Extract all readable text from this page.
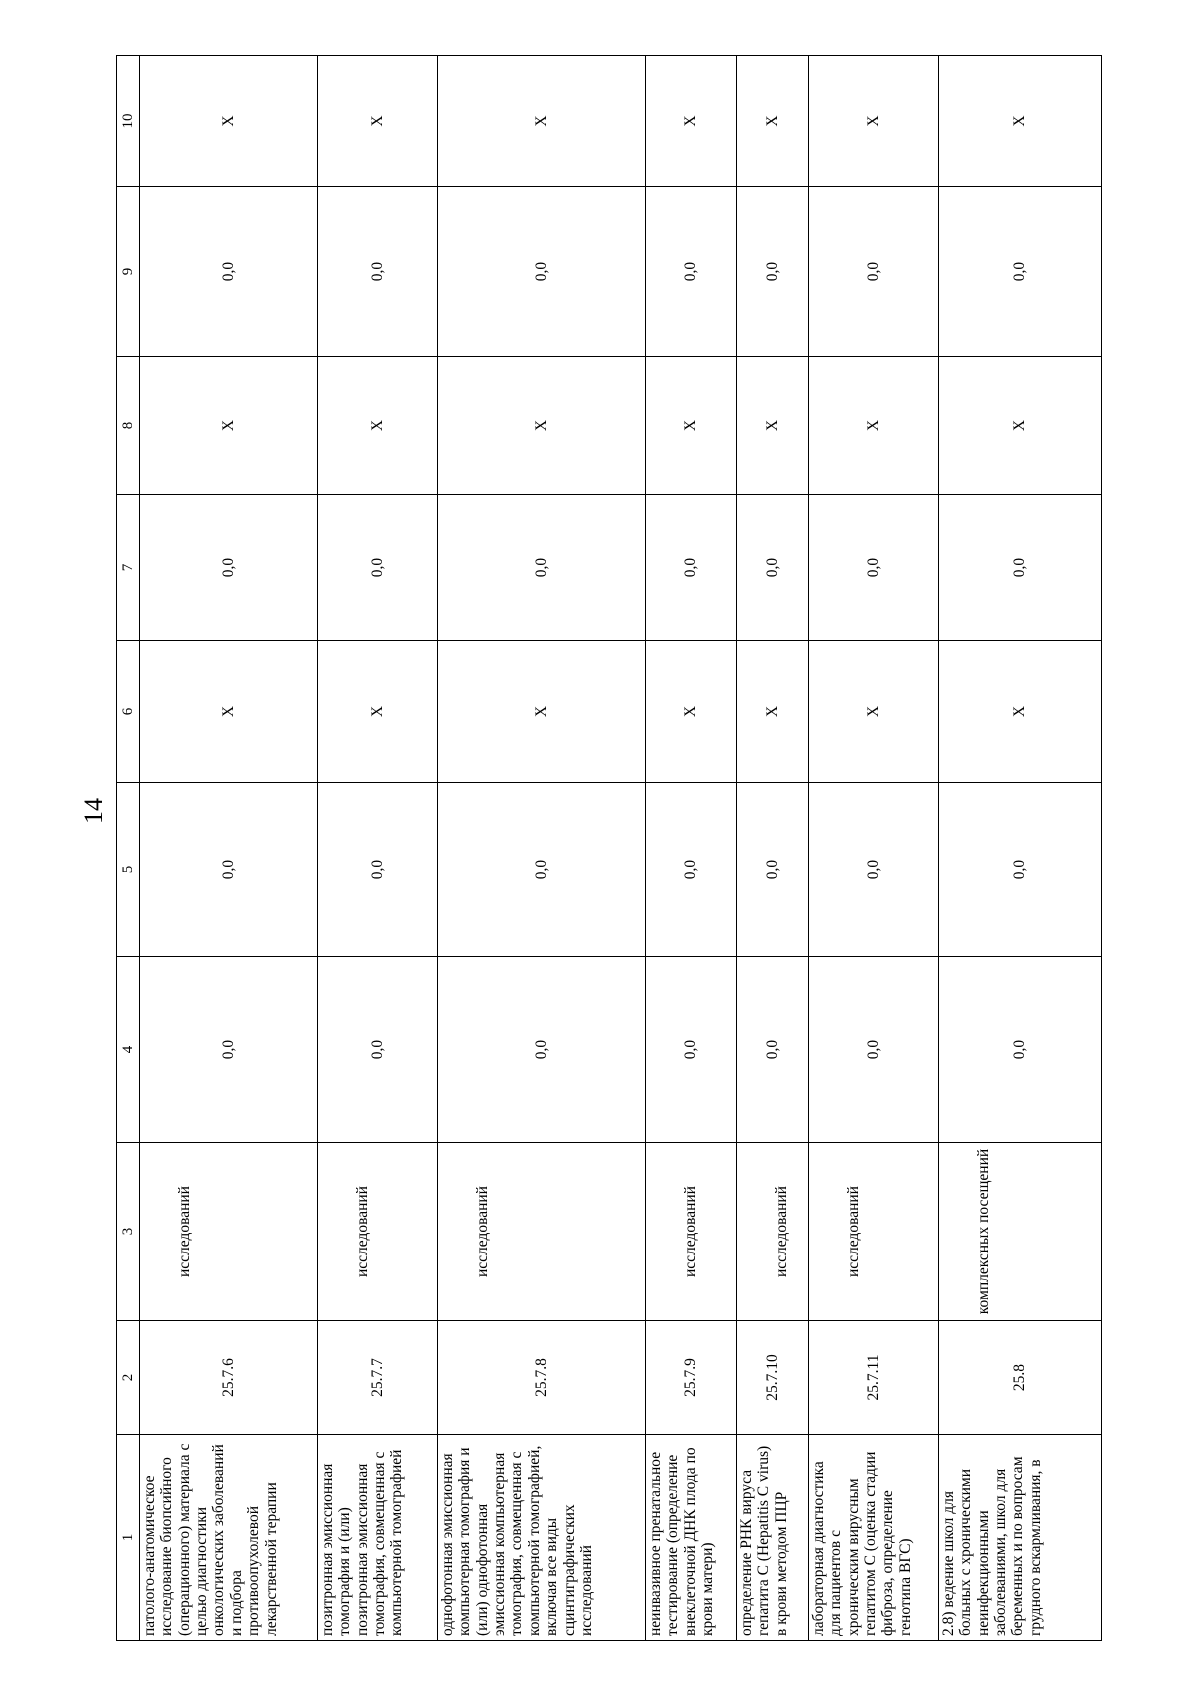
14
1	2	3	4	5	6	7	8	9	10
патолого-анатомическое исследование биопсийного (операционного) материала с целью диагностики онкологических заболеваний и подбора противоопухолевой лекарственной терапии	25.7.6	исследований	0,0	0,0	X	0,0	X	0,0	X
позитронная эмиссионная томография и (или) позитронная эмиссионная томография, совмещенная с компьютерной томографией	25.7.7	исследований	0,0	0,0	X	0,0	X	0,0	X
однофотонная эмиссионная компьютерная томография и (или) однофотонная эмиссионная компьютерная томография, совмещенная с компьютерной томографией, включая все виды сцинтиграфических исследований	25.7.8	исследований	0,0	0,0	X	0,0	X	0,0	X
неинвазивное пренатальное тестирование (определение внеклеточной ДНК плода по крови матери)	25.7.9	исследований	0,0	0,0	X	0,0	X	0,0	X
определение РНК вируса гепатита С (Hepatitis C virus) в крови методом ПЦР	25.7.10	исследований	0,0	0,0	X	0,0	X	0,0	X
лабораторная диагностика для пациентов с хроническим вирусным гепатитом С (оценка стадии фиброза, определение генотипа ВГС)	25.7.11	исследований	0,0	0,0	X	0,0	X	0,0	X
2.8) ведение школ для больных с хроническими неинфекционными заболеваниями, школ для беременных и по вопросам грудного вскармливания, в	25.8	комплексных посещений	0,0	0,0	X	0,0	X	0,0	X
